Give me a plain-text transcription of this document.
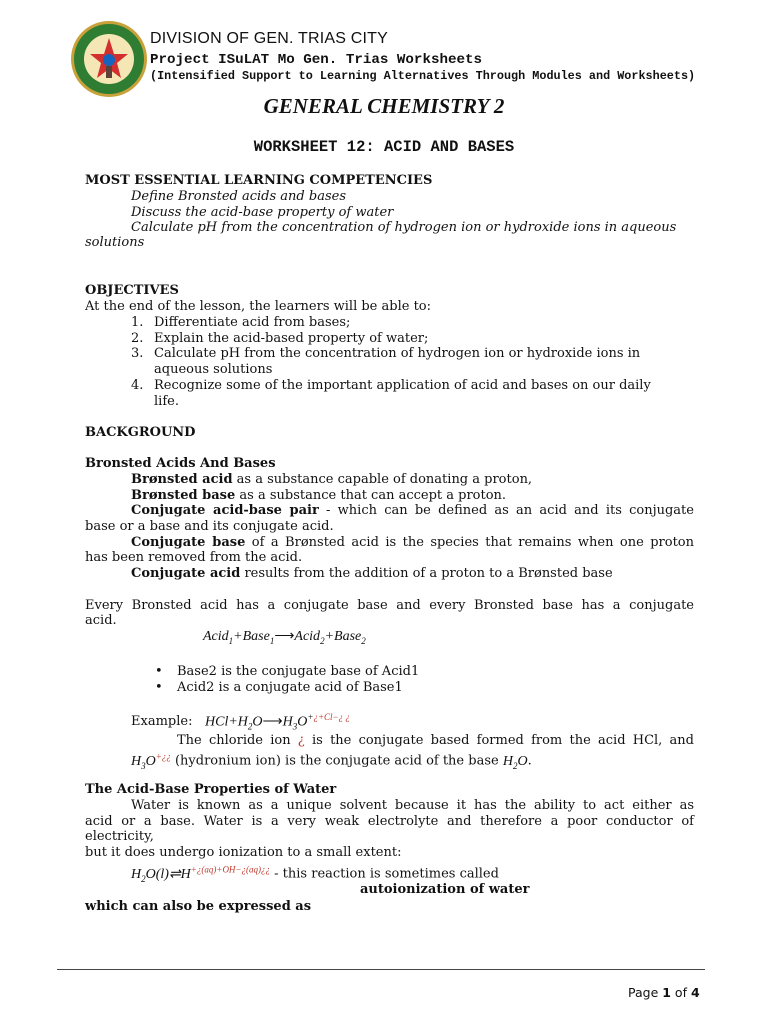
DIVISION OF GEN. TRIAS CITY
Project ISuLAT Mo Gen. Trias Worksheets
(Intensified Support to Learning Alternatives Through Modules and Worksheets)
GENERAL CHEMISTRY 2
WORKSHEET 12: ACID AND BASES
MOST ESSENTIAL LEARNING COMPETENCIES
Define Bronsted acids and bases
Discuss the acid-base property of water
Calculate pH from the concentration of hydrogen ion or hydroxide ions in aqueous
solutions
OBJECTIVES
At the end of the lesson, the learners will be able to:
1. Differentiate acid from bases;
2. Explain the acid-based property of water;
3. Calculate pH from the concentration of hydrogen ion or hydroxide ions in
aqueous solutions
4. Recognize some of the important application of acid and bases on our daily
life.
BACKGROUND
Bronsted Acids And Bases
Brønsted acid as a substance capable of donating a proton,
Brønsted base as a substance that can accept a proton.
Conjugate acid-base pair - which can be defined as an acid and its conjugate
base or a base and its conjugate acid.
Conjugate base of a Brønsted acid is the species that remains when one proton
has been removed from the acid.
Conjugate acid results from the addition of a proton to a Brønsted base
Every Bronsted acid has a conjugate base and every Bronsted base has a conjugate
acid.
Acid$_1$+Base$_1$⟶Acid$_2$+Base$_2$
• Base2 is the conjugate base of Acid1
• Acid2 is a conjugate acid of Base1
Example: $HCl+H_2O⟶H_3O^{+¿+Cl-¿ ¿}$
The chloride ion ¿ is the conjugate based formed from the acid HCl, and
$H_3O^{+¿¿}$ (hydronium ion) is the conjugate acid of the base $H_2O$.
The Acid-Base Properties of Water
Water is known as a unique solvent because it has the ability to act either as
acid or a base. Water is a very weak electrolyte and therefore a poor conductor of
electricity,
but it does undergo ionization to a small extent:
$H_2O(l)\rightleftharpoons H^{+¿(aq)+OH-¿(aq)¿¿}$ - this reaction is sometimes called
autoionization of water
which can also be expressed as
Page 1 of 4
